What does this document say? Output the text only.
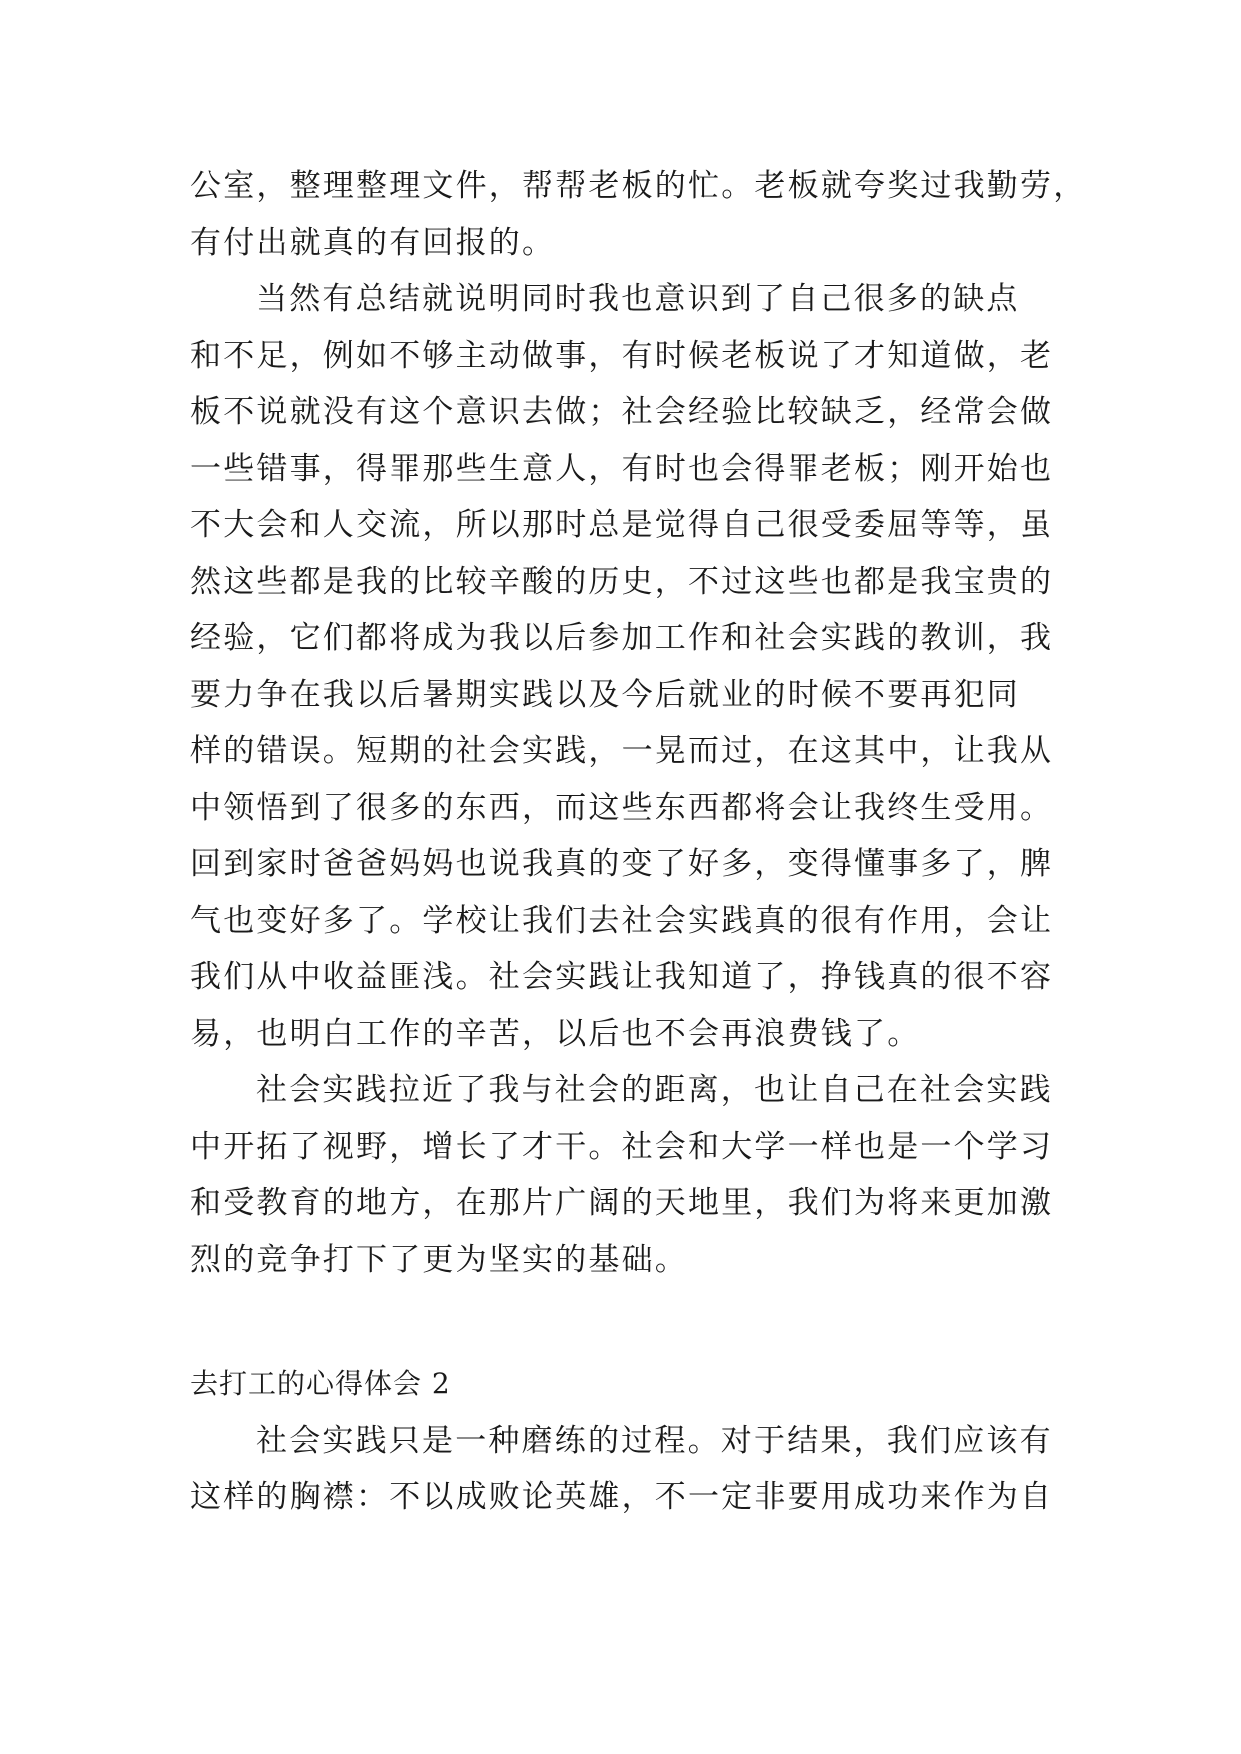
公室，整理整理文件，帮帮老板的忙。老板就夸奖过我勤劳，
有付出就真的有回报的。
当然有总结就说明同时我也意识到了自己很多的缺点
和不足，例如不够主动做事，有时候老板说了才知道做，老
板不说就没有这个意识去做；社会经验比较缺乏，经常会做
一些错事，得罪那些生意人，有时也会得罪老板；刚开始也
不大会和人交流，所以那时总是觉得自己很受委屈等等，虽
然这些都是我的比较辛酸的历史，不过这些也都是我宝贵的
经验，它们都将成为我以后参加工作和社会实践的教训，我
要力争在我以后暑期实践以及今后就业的时候不要再犯同
样的错误。短期的社会实践，一晃而过，在这其中，让我从
中领悟到了很多的东西，而这些东西都将会让我终生受用。
回到家时爸爸妈妈也说我真的变了好多，变得懂事多了，脾
气也变好多了。学校让我们去社会实践真的很有作用，会让
我们从中收益匪浅。社会实践让我知道了，挣钱真的很不容
易，也明白工作的辛苦，以后也不会再浪费钱了。
社会实践拉近了我与社会的距离，也让自己在社会实践
中开拓了视野，增长了才干。社会和大学一样也是一个学习
和受教育的地方，在那片广阔的天地里，我们为将来更加激
烈的竞争打下了更为坚实的基础。
去打工的心得体会 2
社会实践只是一种磨练的过程。对于结果，我们应该有
这样的胸襟：不以成败论英雄，不一定非要用成功来作为自
